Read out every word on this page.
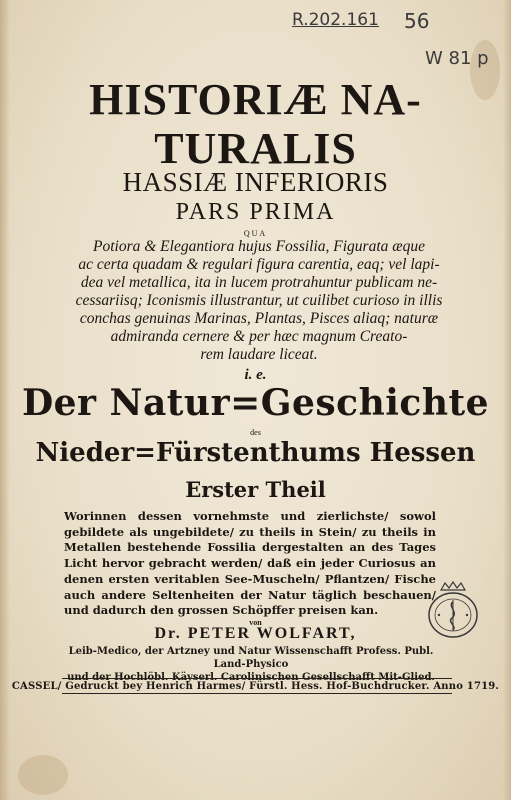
R.202.161 56
W 81 p
HISTORIÆ NA-
TURALIS
HASSIÆ INFERIORIS
PARS PRIMA
QUA
Potiora & Elegantiora hujus Fossilia, Figurata æque
ac certa quadam & regulari figura carentia, eaq; vel lapi-
dea vel metallica, ita in lucem protrahuntur publicam ne-
cessariisq; Iconismis illustrantur, ut cuilibet curioso in illis
conchas genuinas Marinas, Plantas, Pisces aliaq; naturæ
admiranda cernere & per hæc magnum Creato-
rem laudare liceat.
i. e.
Der Natur=Geschichte
des
Nieder=Fürstenthums Hessen
Erster Theil
Worinnen dessen vornehmste und zierlichste/ sowol gebildete als ungebildete/ zu theils in Stein/ zu theils in Metallen bestehende Fossilia dergestalten an des Tages Licht hervor gebracht werden/ daß ein jeder Curiosus an denen ersten veritablen See-Muscheln/ Pflantzen/ Fische auch andere Seltenheiten der Natur täglich beschauen/ und dadurch den grossen Schöpffer preisen kan.
von
Dr. PETER WOLFART,
Leib-Medico, der Artzney und Natur Wissenschafft Profess. Publ. Land-Physico
und der Hochlöbl. Käyserl. Carolinischen Gesellschafft Mit-Glied.
CASSEL/ Gedruckt bey Henrich Harmes/ Fürstl. Hess. Hof-Buchdrucker. Anno 1719.
